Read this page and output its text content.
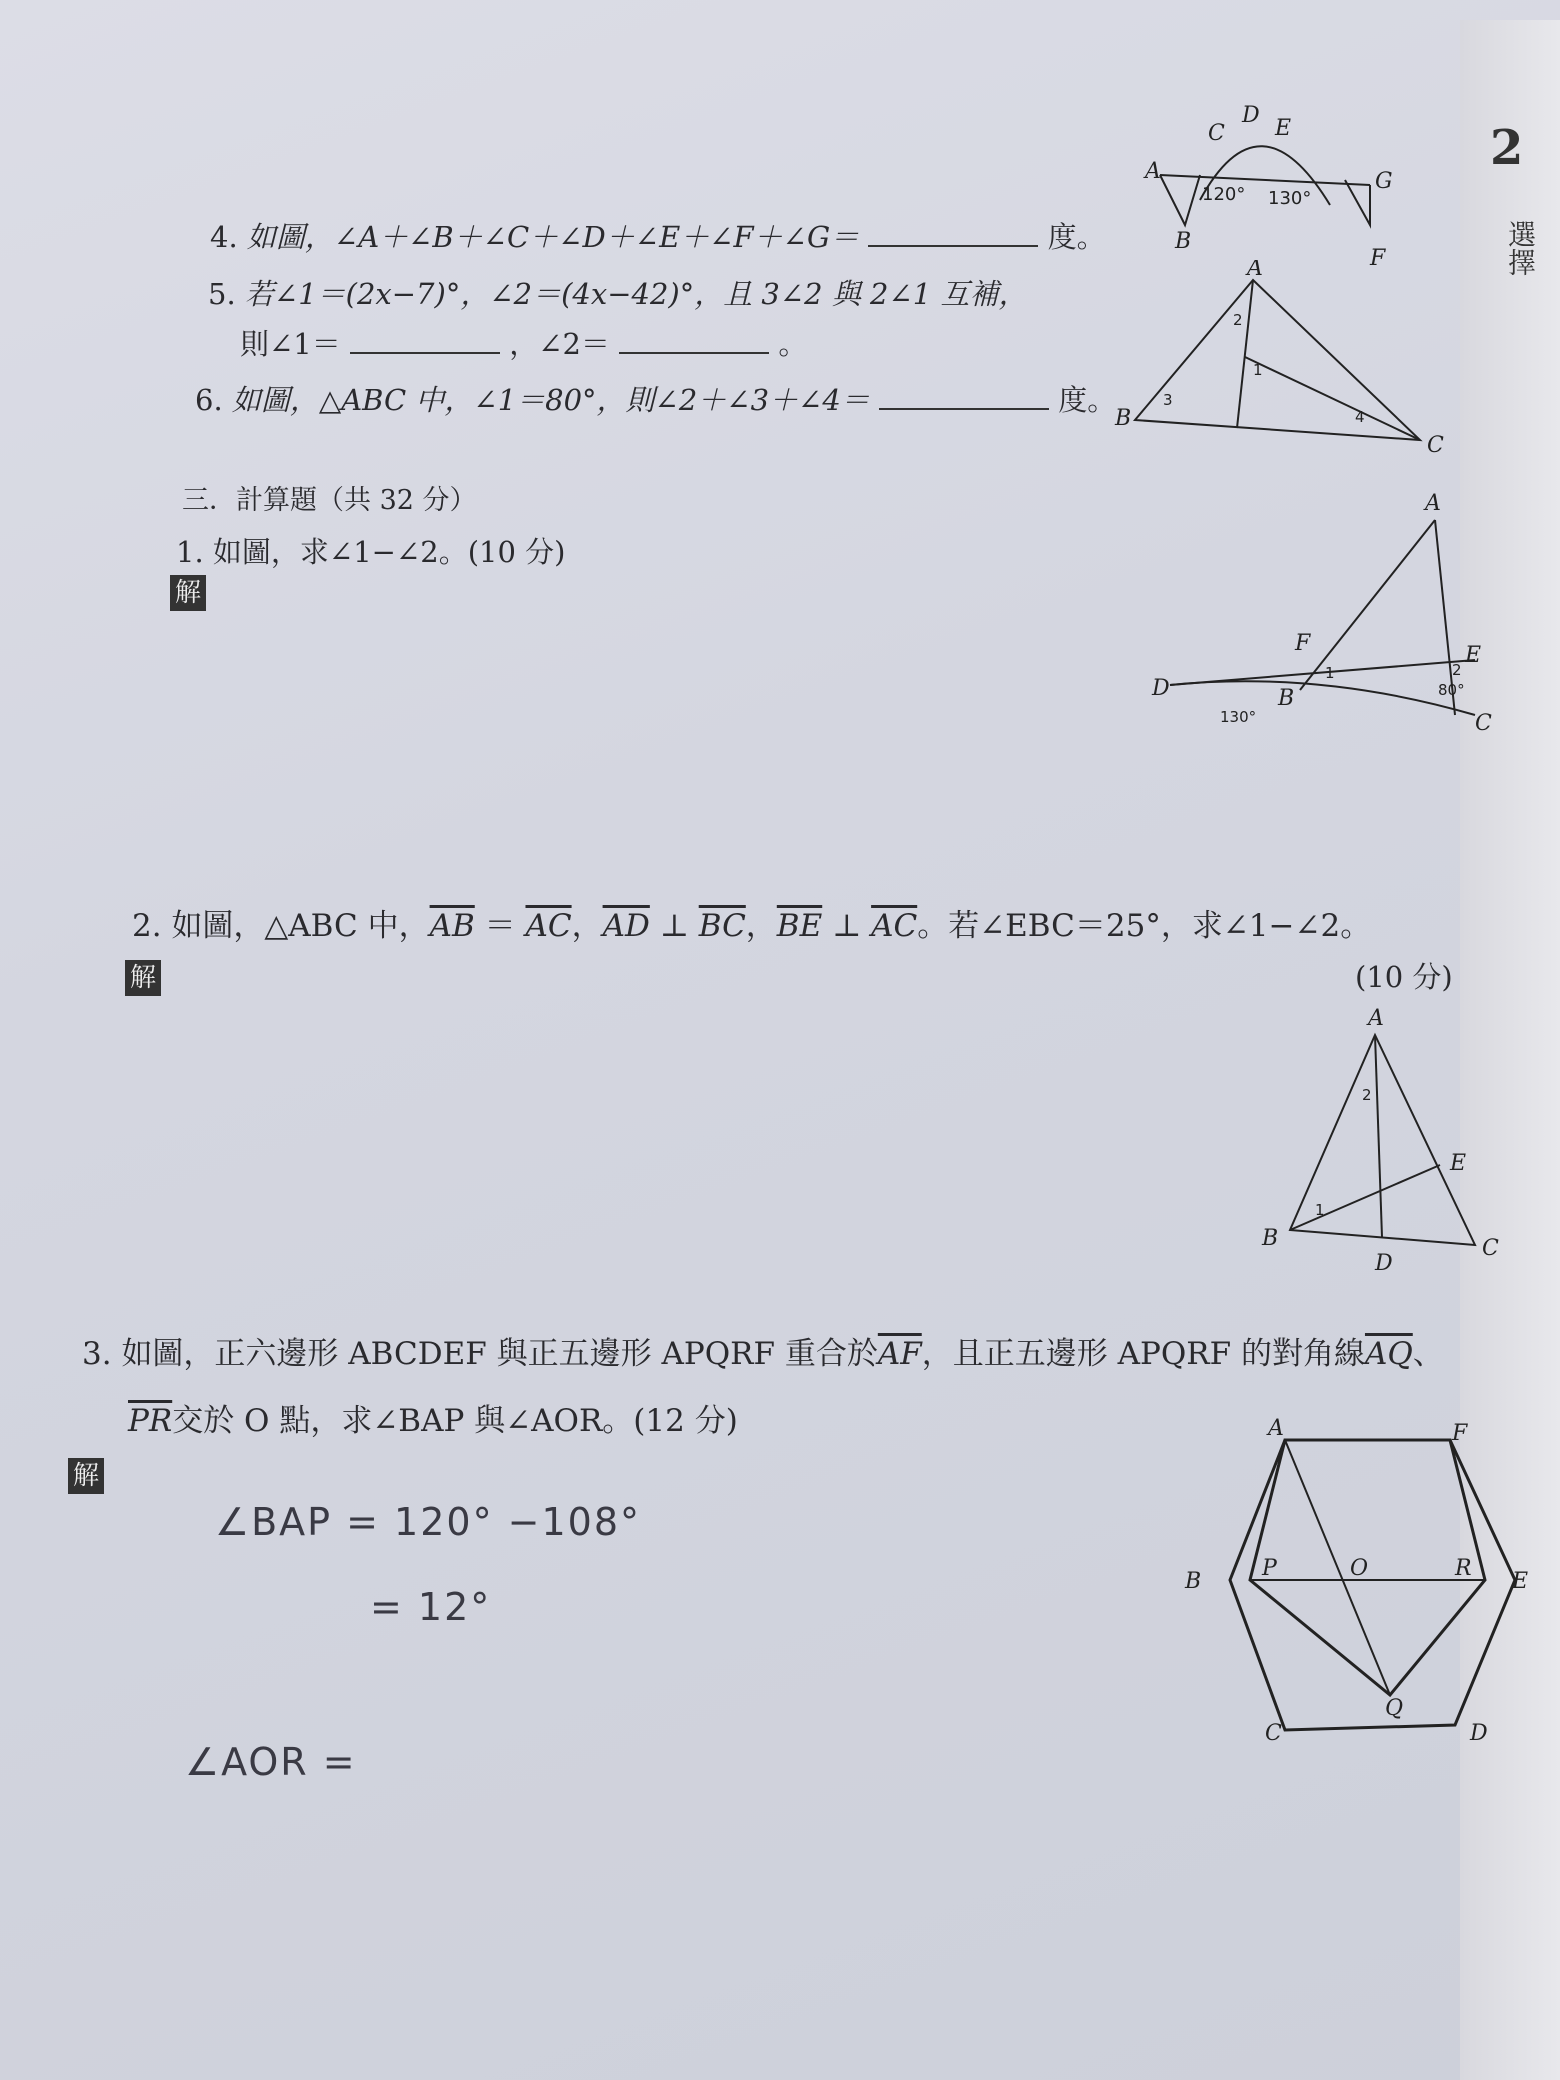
2
選擇
4. 如圖，∠A＋∠B＋∠C＋∠D＋∠E＋∠F＋∠G＝	度。
5. 若∠1＝(2x−7)°，∠2＝(4x−42)°，且 3∠2 與 2∠1 互補，
則∠1＝	，∠2＝	。
6. 如圖，△ABC 中，∠1＝80°，則∠2＋∠3＋∠4＝	度。
三．計算題（共 32 分）
1. 如圖，求∠1−∠2。(10 分)
解
2. 如圖，△ABC 中，$\overline{AB} = \overline{AC}$，$\overline{AD}$ ⊥ $\overline{BC}$，$\overline{BE}$ ⊥ $\overline{AC}$。若∠EBC＝25°，求∠1−∠2。
(10 分)
解
3. 如圖，正六邊形 ABCDEF 與正五邊形 APQRF 重合於$\overline{AF}$，且正五邊形 APQRF 的對角線$\overline{AQ}$、
$\overline{PR}$交於 O 點，求∠BAP 與∠AOR。(12 分)
解
∠BAP = 120° −108°
= 12°
∠AOR =
A
B
C
D
E
F
G
120° 130°
A
B
C
1
2
3
4
A
D
F
B
E
C
1	2
130°
80°
A
B	C
D
E
1
2
A	F
B
P	O	R
E
Q
C	D
